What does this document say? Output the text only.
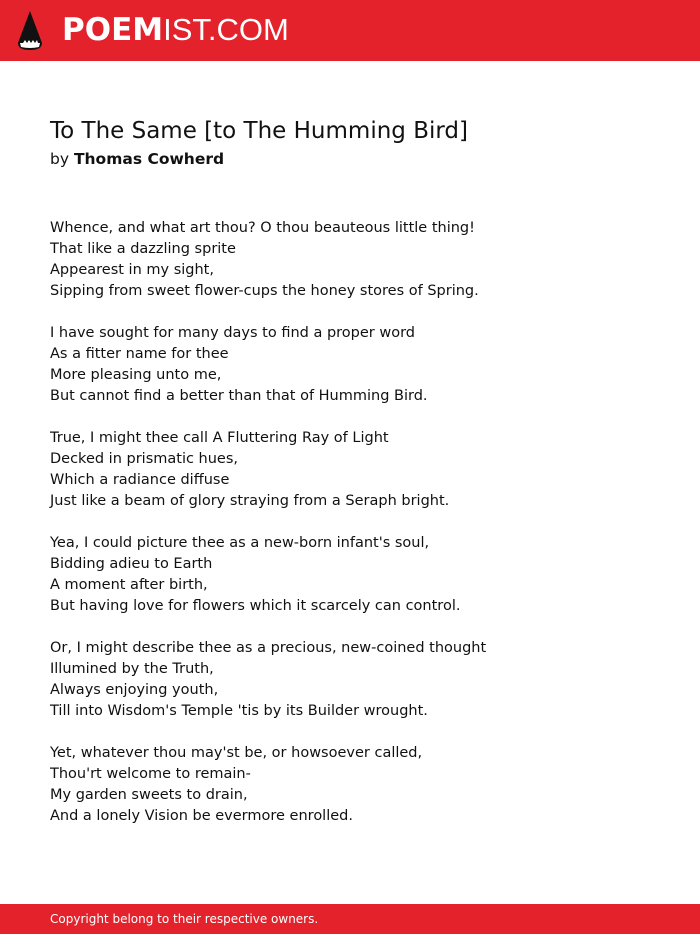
POEMIST.COM
To The Same [to The Humming Bird]
by Thomas Cowherd
Whence, and what art thou? O thou beauteous little thing!
That like a dazzling sprite
Appearest in my sight,
Sipping from sweet flower-cups the honey stores of Spring.
I have sought for many days to find a proper word
As a fitter name for thee
More pleasing unto me,
But cannot find a better than that of Humming Bird.
True, I might thee call A Fluttering Ray of Light
Decked in prismatic hues,
Which a radiance diffuse
Just like a beam of glory straying from a Seraph bright.
Yea, I could picture thee as a new-born infant's soul,
Bidding adieu to Earth
A moment after birth,
But having love for flowers which it scarcely can control.
Or, I might describe thee as a precious, new-coined thought
Illumined by the Truth,
Always enjoying youth,
Till into Wisdom's Temple 'tis by its Builder wrought.
Yet, whatever thou may'st be, or howsoever called,
Thou'rt welcome to remain-
My garden sweets to drain,
And a lonely Vision be evermore enrolled.
Copyright belong to their respective owners.
